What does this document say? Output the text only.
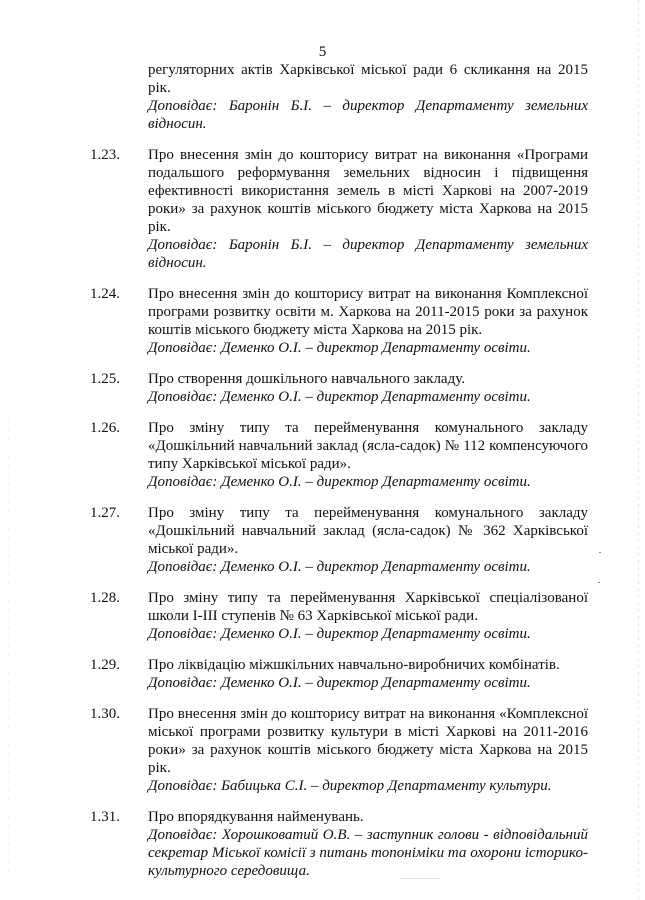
5

регуляторних актів Харківської міської ради 6 скликання на 2015 рік.

Доповідає: Баронін Б.І. – директор Департаменту земельних відносин.

1.23. Про внесення змін до кошторису витрат на виконання «Програми подальшого реформування земельних відносин і підвищення ефективності використання земель в місті Харкові на 2007-2019 роки» за рахунок коштів міського бюджету міста Харкова на 2015 рік.

Доповідає: Баронін Б.І. – директор Департаменту земельних відносин.

1.24. Про внесення змін до кошторису витрат на виконання Комплексної програми розвитку освіти м. Харкова на 2011-2015 роки за рахунок коштів міського бюджету міста Харкова на 2015 рік.

Доповідає: Деменко О.І. – директор Департаменту освіти.

1.25. Про створення дошкільного навчального закладу.

Доповідає: Деменко О.І. – директор Департаменту освіти.

1.26. Про зміну типу та перейменування комунального закладу «Дошкільний навчальний заклад (ясла-садок) № 112 компенсуючого типу Харківської міської ради».

Доповідає: Деменко О.І. – директор Департаменту освіти.

1.27. Про зміну типу та перейменування комунального закладу «Дошкільний навчальний заклад (ясла-садок) № 362 Харківської міської ради».

Доповідає: Деменко О.І. – директор Департаменту освіти.

1.28. Про зміну типу та перейменування Харківської спеціалізованої школи І-ІІІ ступенів № 63 Харківської міської ради.

Доповідає: Деменко О.І. – директор Департаменту освіти.

1.29. Про ліквідацію міжшкільних навчально-виробничих комбінатів.

Доповідає: Деменко О.І. – директор Департаменту освіти.

1.30. Про внесення змін до кошторису витрат на виконання «Комплексної міської програми розвитку культури в місті Харкові на 2011-2016 роки» за рахунок коштів міського бюджету міста Харкова на 2015 рік.

Доповідає: Бабицька С.І. – директор Департаменту культури.

1.31. Про впорядкування найменувань.

Доповідає: Хорошковатий О.В. – заступник голови - відповідальний секретар Міської комісії з питань топоніміки та охорони історико-культурного середовища.
